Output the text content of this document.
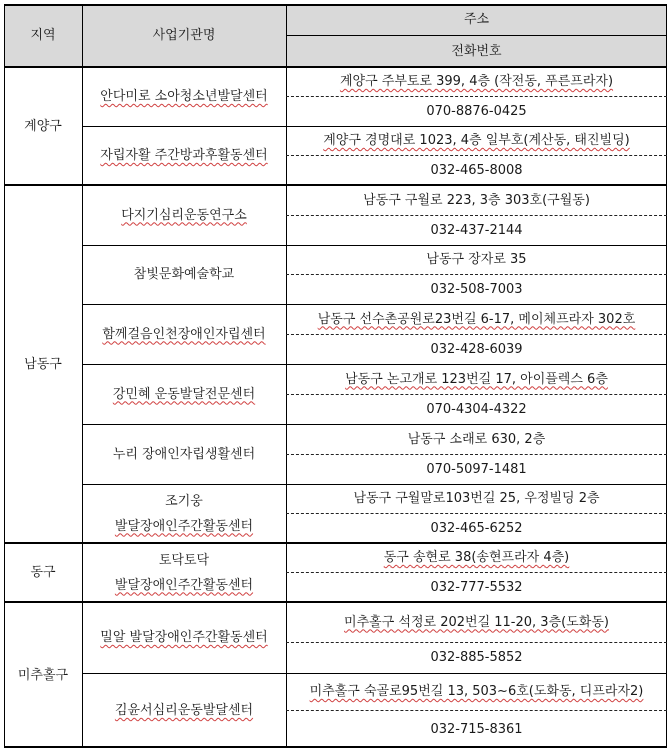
지역	사업기관명
주소
전화번호
계양구
남동구
동구
미추홀구
안다미로 소아청소년발달센터
계양구 주부토로 399, 4층 (작전동, 푸른프라자)
070-8876-0425
자립자활 주간방과후활동센터
계양구 경명대로 1023, 4층 일부호(계산동, 태진빌딩)
032-465-8008
다지기심리운동연구소
남동구 구월로 223, 3층 303호(구월동)
032-437-2144
참빛문화예술학교
남동구 장자로 35
032-508-7003
함께걸음인천장애인자립센터
남동구 선수촌공원로23번길 6-17, 메이체프라자 302호
032-428-6039
강민혜 운동발달전문센터
남동구 논고개로 123번길 17, 아이플렉스 6층
070-4304-4322
누리 장애인자립생활센터
남동구 소래로 630, 2층
070-5097-1481
조기웅
발달장애인주간활동센터
남동구 구월말로103번길 25, 우정빌딩 2층
032-465-6252
토닥토닥
발달장애인주간활동센터
동구 송현로 38(송현프라자 4층)
032-777-5532
밀알 발달장애인주간활동센터
미추홀구 석정로 202번길 11-20, 3층(도화동)
032-885-5852
김윤서심리운동발달센터
미추홀구 숙골로95번길 13, 503~6호(도화동, 디프라자2)
032-715-8361
